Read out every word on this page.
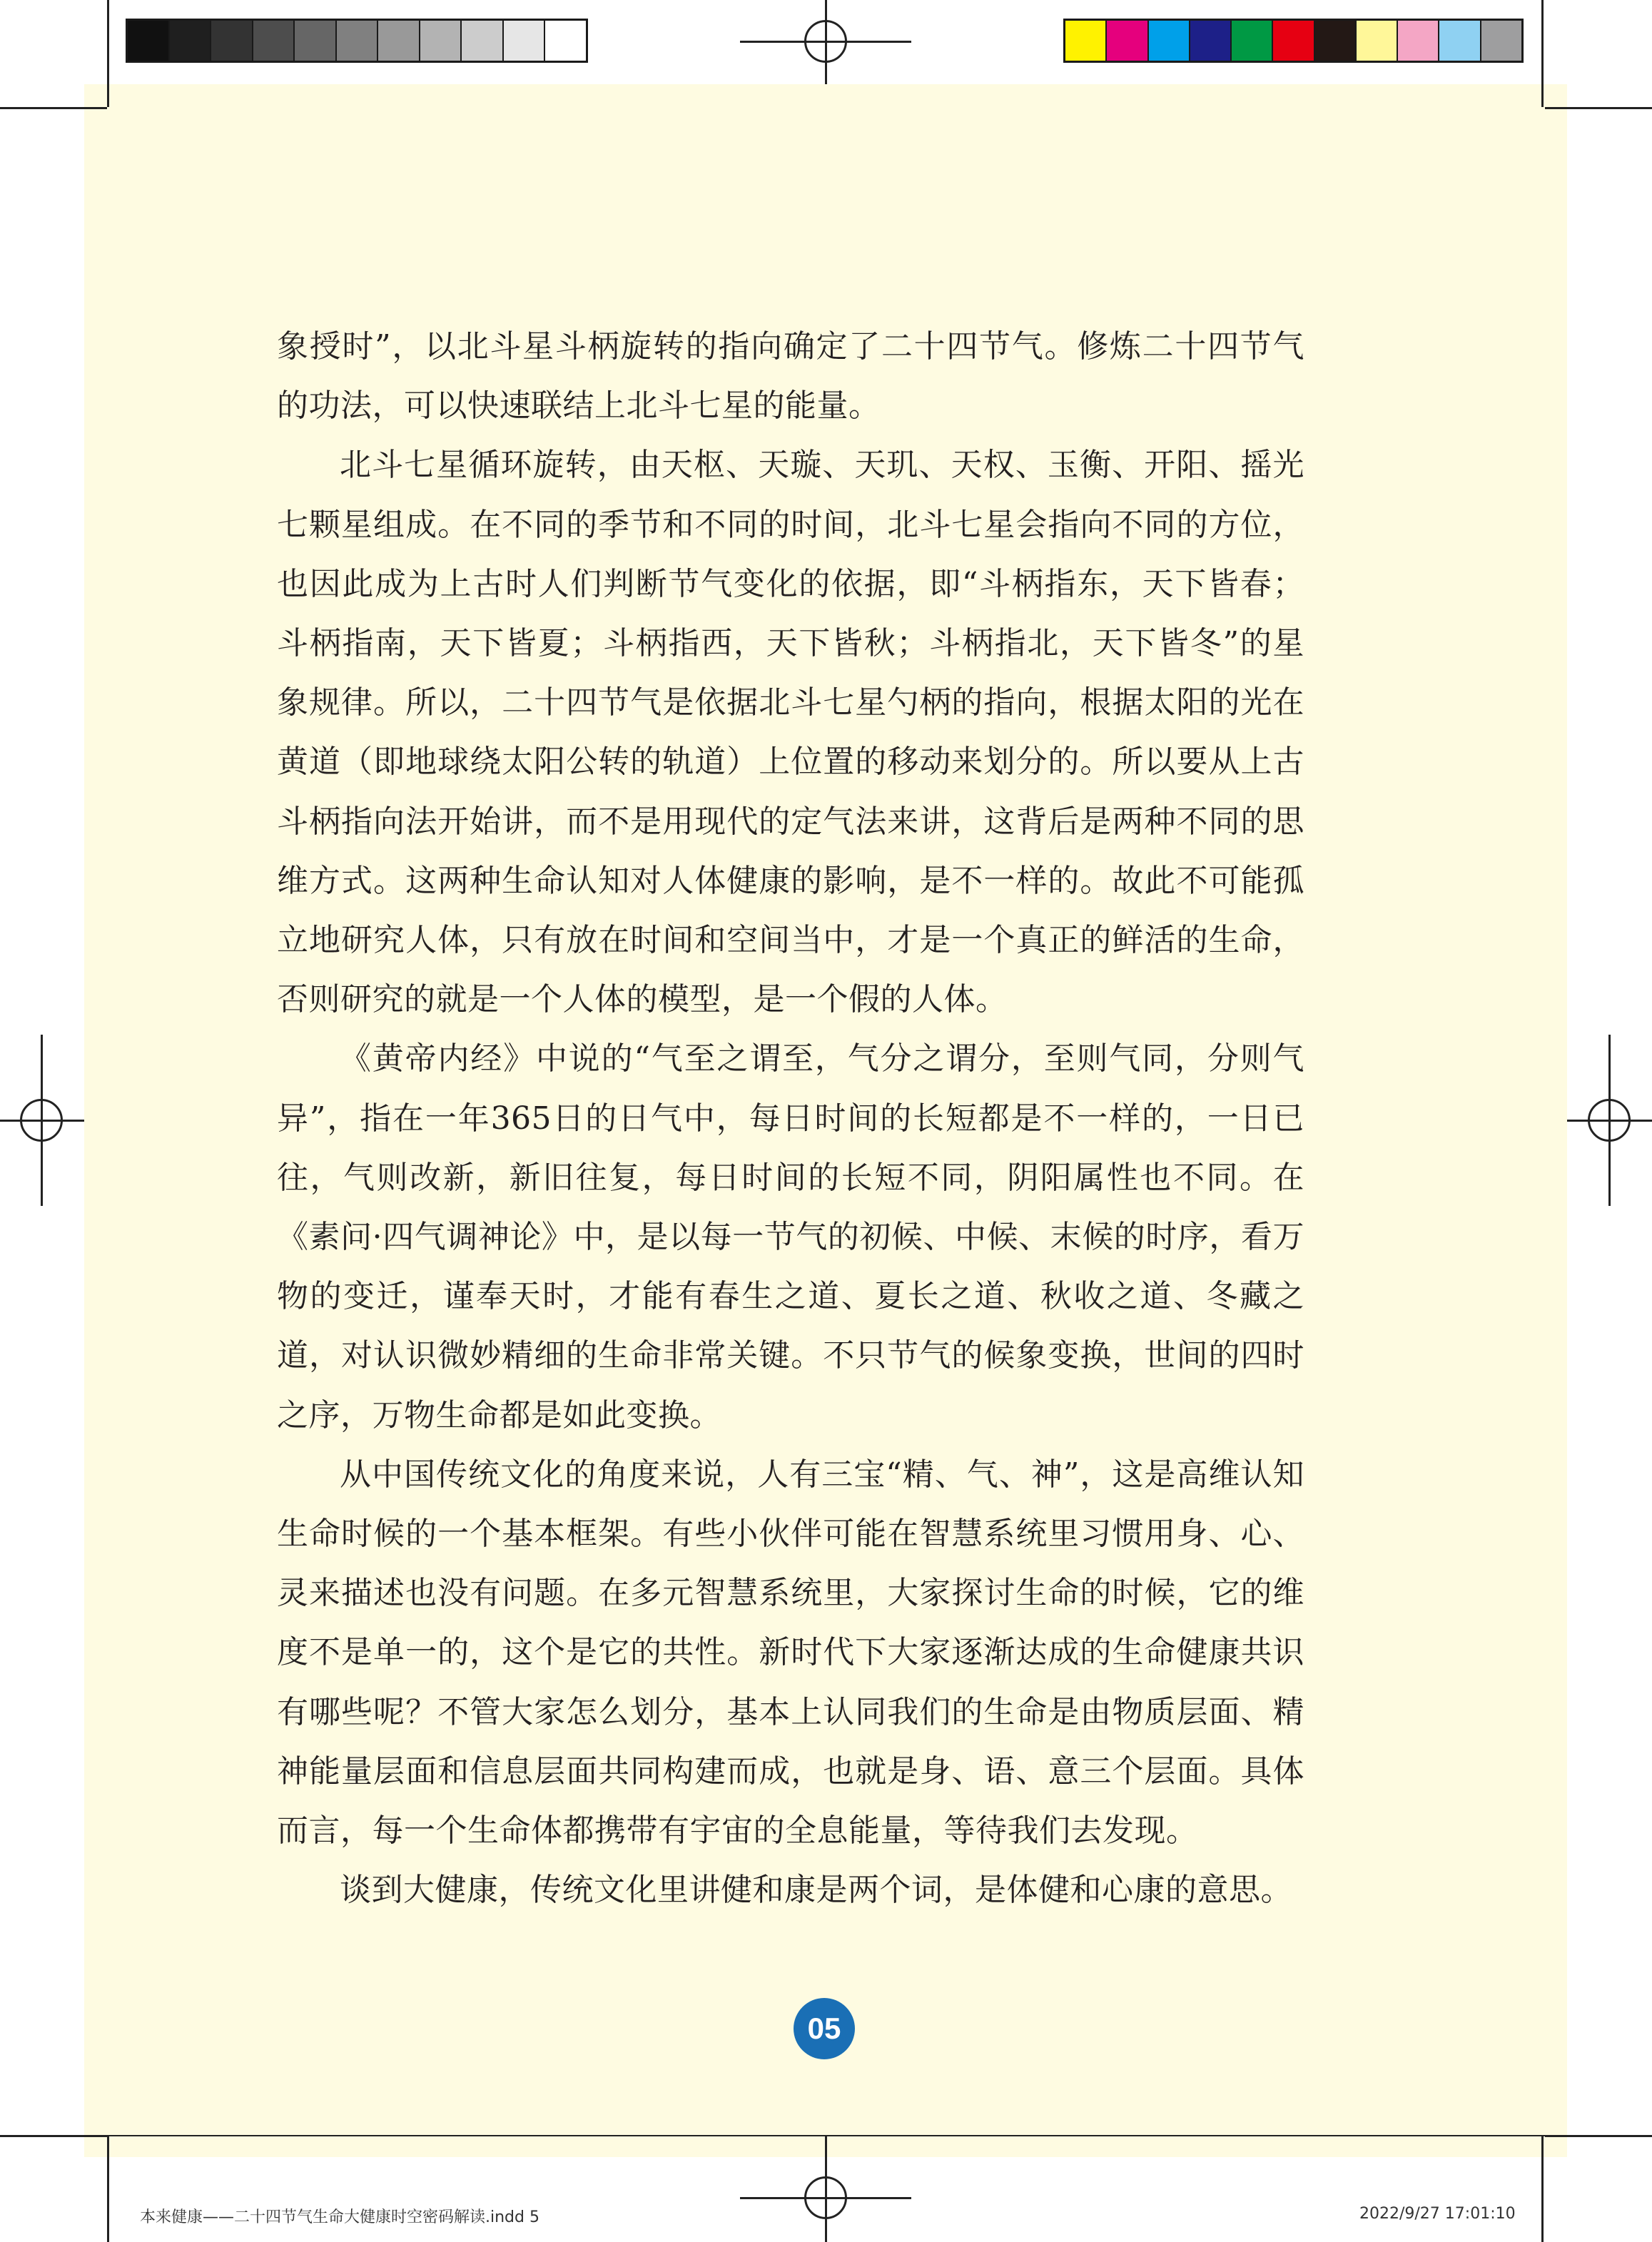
象授时”，以北斗星斗柄旋转的指向确定了二十四节气。修炼二十四节气的功法，可以快速联结上北斗七星的能量。

北斗七星循环旋转，由天枢、天璇、天玑、天权、玉衡、开阳、摇光七颗星组成。在不同的季节和不同的时间，北斗七星会指向不同的方位，也因此成为上古时人们判断节气变化的依据，即“斗柄指东，天下皆春；斗柄指南，天下皆夏；斗柄指西，天下皆秋；斗柄指北，天下皆冬”的星象规律。所以，二十四节气是依据北斗七星勺柄的指向，根据太阳的光在黄道（即地球绕太阳公转的轨道）上位置的移动来划分的。所以要从上古斗柄指向法开始讲，而不是用现代的定气法来讲，这背后是两种不同的思维方式。这两种生命认知对人体健康的影响，是不一样的。故此不可能孤立地研究人体，只有放在时间和空间当中，才是一个真正的鲜活的生命，否则研究的就是一个人体的模型，是一个假的人体。

《黄帝内经》中说的“气至之谓至，气分之谓分，至则气同，分则气异”，指在一年365日的日气中，每日时间的长短都是不一样的，一日已往，气则改新，新旧往复，每日时间的长短不同，阴阳属性也不同。在《素问·四气调神论》中，是以每一节气的初候、中候、末候的时序，看万物的变迁，谨奉天时，才能有春生之道、夏长之道、秋收之道、冬藏之道，对认识微妙精细的生命非常关键。不只节气的候象变换，世间的四时之序，万物生命都是如此变换。

从中国传统文化的角度来说，人有三宝“精、气、神”，这是高维认知生命时候的一个基本框架。有些小伙伴可能在智慧系统里习惯用身、心、灵来描述也没有问题。在多元智慧系统里，大家探讨生命的时候，它的维度不是单一的，这个是它的共性。新时代下大家逐渐达成的生命健康共识有哪些呢？不管大家怎么划分，基本上认同我们的生命是由物质层面、精神能量层面和信息层面共同构建而成，也就是身、语、意三个层面。具体而言，每一个生命体都携带有宇宙的全息能量，等待我们去发现。

谈到大健康，传统文化里讲健和康是两个词，是体健和心康的意思。

05
本来健康——二十四节气生命大健康时空密码解读.indd 5	2022/9/27 17:01:10
